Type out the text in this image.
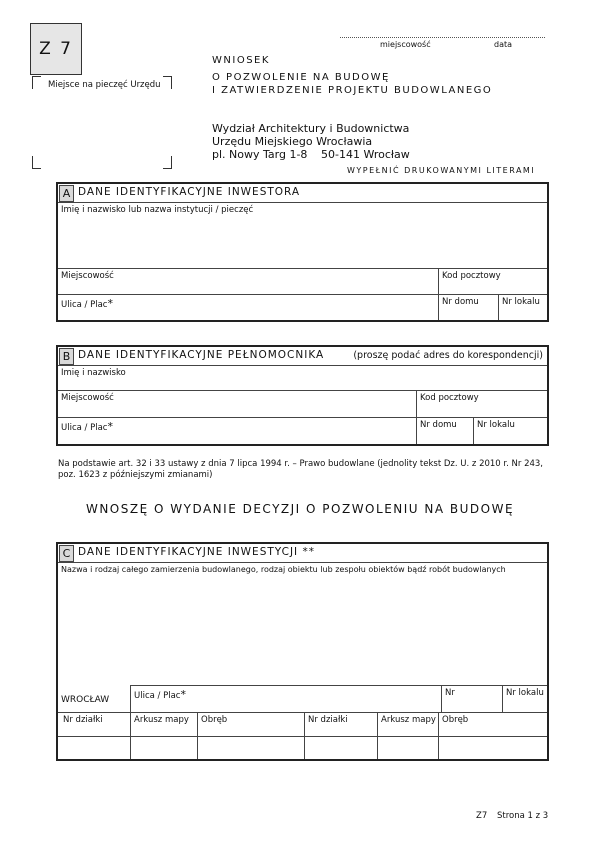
Z 7
Miejsce na pieczęć Urzędu
miejscowość	data
WNIOSEK
O POZWOLENIE NA BUDOWĘ
I ZATWIERDZENIE PROJEKTU BUDOWLANEGO
Wydział Architektury i Budownictwa
Urzędu Miejskiego Wrocławia
pl. Nowy Targ 1-8 50-141 Wrocław
WYPEŁNIĆ DRUKOWANYMI LITERAMI
A DANE IDENTYFIKACYJNE INWESTORA
Imię i nazwisko lub nazwa instytucji / pieczęć
Miejscowość	Kod pocztowy
Ulica / Plac*	Nr domu	Nr lokalu
B DANE IDENTYFIKACYJNE PEŁNOMOCNIKA	(proszę podać adres do korespondencji)
Imię i nazwisko
Miejscowość	Kod pocztowy
Ulica / Plac*	Nr domu Nr lokalu
Na podstawie art. 32 i 33 ustawy z dnia 7 lipca 1994 r. – Prawo budowlane (jednolity tekst Dz. U. z 2010 r. Nr 243,
poz. 1623 z późniejszymi zmianami)
WNOSZĘ O WYDANIE DECYZJI O POZWOLENIU NA BUDOWĘ
C DANE IDENTYFIKACYJNE INWESTYCJI **
Nazwa i rodzaj całego zamierzenia budowlanego, rodzaj obiektu lub zespołu obiektów bądź robót budowlanych
WROCŁAW	Ulica / Plac*	Nr	Nr lokalu
Nr działki	Arkusz mapy Obręb	Nr działki	Arkusz mapy Obręb
Z7 Strona 1 z 3
